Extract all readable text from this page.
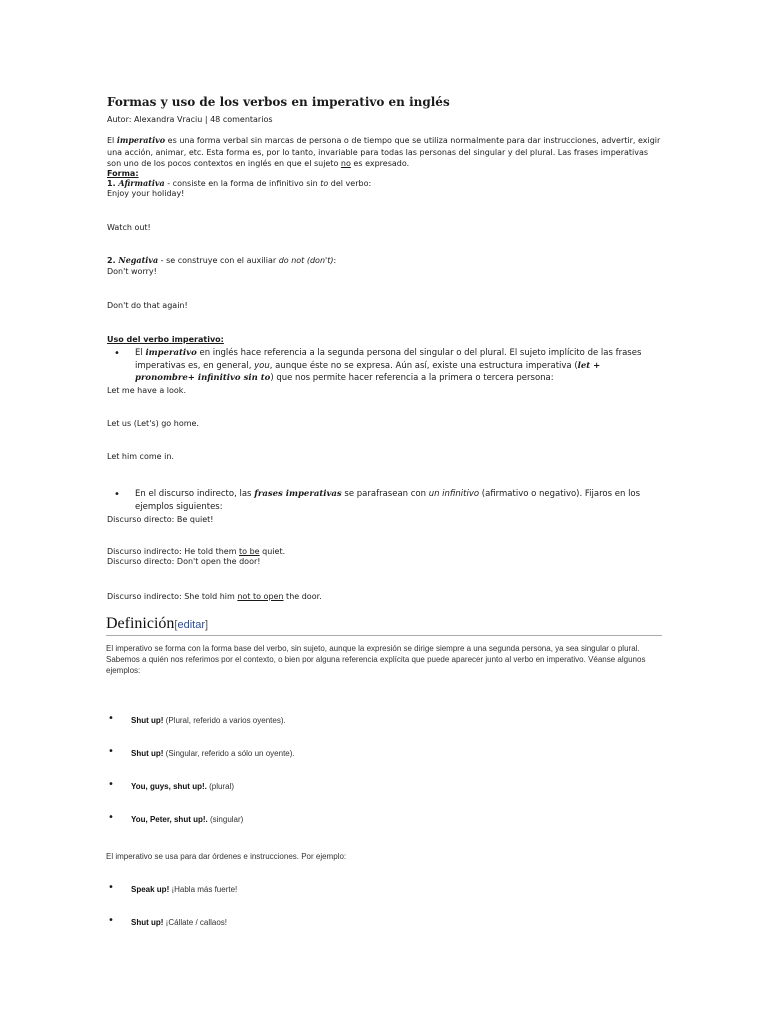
Formas y uso de los verbos en imperativo en inglés
Autor: Alexandra Vraciu | 48 comentarios
El imperativo es una forma verbal sin marcas de persona o de tiempo que se utiliza normalmente para dar instrucciones, advertir, exigir una acción, animar, etc. Esta forma es, por lo tanto, invariable para todas las personas del singular y del plural. Las frases imperativas son uno de los pocos contextos en inglés en que el sujeto no es expresado.
Forma:
1. Afirmativa - consiste en la forma de infinitivo sin to del verbo:
Enjoy your holiday!
Watch out!
2. Negativa - se construye con el auxiliar do not (don't):
Don't worry!
Don't do that again!
Uso del verbo imperativo:
• El imperativo en inglés hace referencia a la segunda persona del singular o del plural. El sujeto implícito de las frases imperativas es, en general, you, aunque éste no se expresa. Aún así, existe una estructura imperativa (let + pronombre+ infinitivo sin to) que nos permite hacer referencia a la primera o tercera persona:
Let me have a look.
Let us (Let's) go home.
Let him come in.
• En el discurso indirecto, las frases imperativas se parafrasean con un infinitivo (afirmativo o negativo). Fijaros en los ejemplos siguientes:
Discurso directo: Be quiet!
Discurso indirecto: He told them to be quiet.
Discurso directo: Don't open the door!
Discurso indirecto: She told him not to open the door.
Definición[editar]
El imperativo se forma con la forma base del verbo, sin sujeto, aunque la expresión se dirige siempre a una segunda persona, ya sea singular o plural. Sabemos a quién nos referimos por el contexto, o bien por alguna referencia explícita que puede aparecer junto al verbo en imperativo. Véanse algunos ejemplos:
• Shut up! (Plural, referido a varios oyentes).
• Shut up! (Singular, referido a sólo un oyente).
• You, guys, shut up!. (plural)
• You, Peter, shut up!. (singular)
El imperativo se usa para dar órdenes e instrucciones. Por ejemplo:
• Speak up! ¡Habla más fuerte!
• Shut up! ¡Cállate / callaos!
